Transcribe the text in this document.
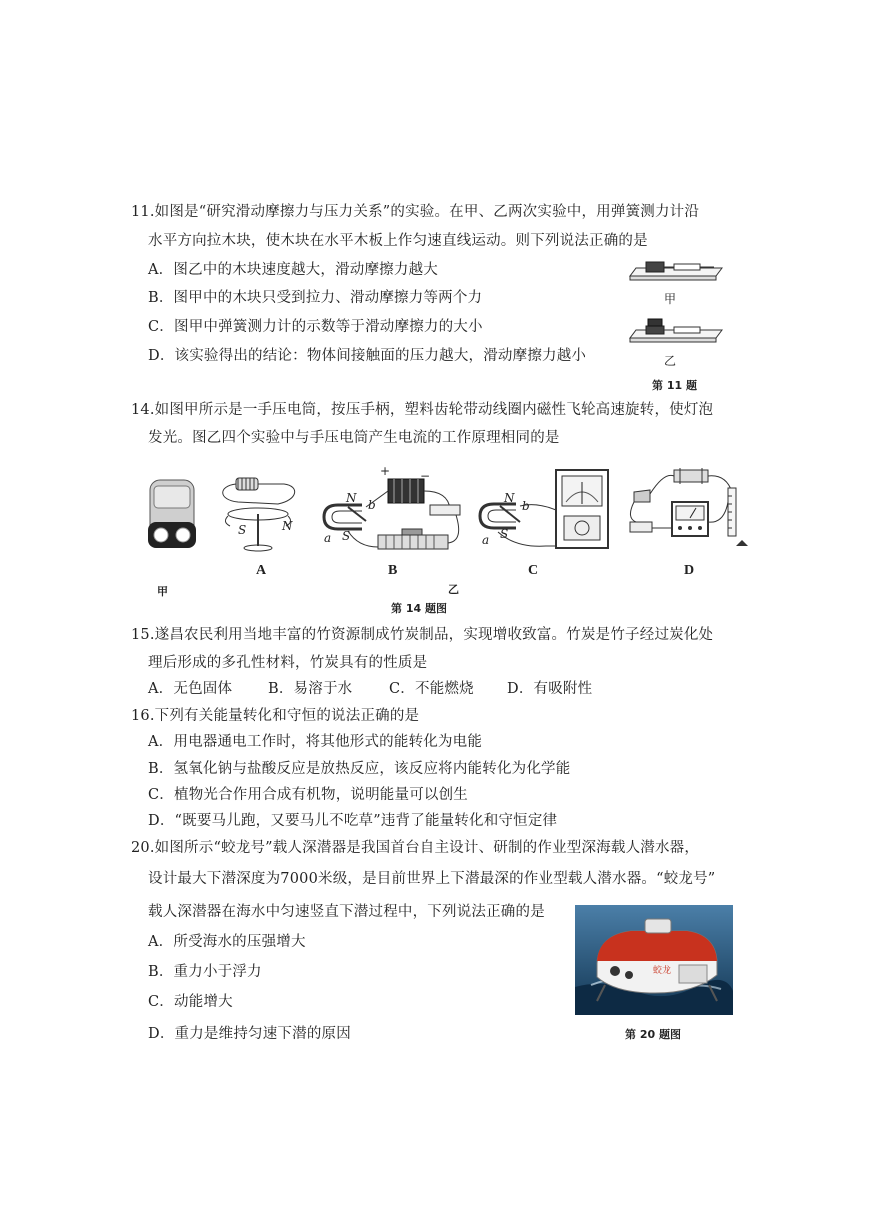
11.如图是“研究滑动摩擦力与压力关系”的实验。在甲、乙两次实验中，用弹簧测力计沿
水平方向拉木块，使木块在水平木板上作匀速直线运动。则下列说法正确的是
A．图乙中的木块速度越大，滑动摩擦力越大
B．图甲中的木块只受到拉力、滑动摩擦力等两个力
C．图甲中弹簧测力计的示数等于滑动摩擦力的大小
D．该实验得出的结论：物体间接触面的压力越大，滑动摩擦力越小
甲
乙
第 11 题
14.如图甲所示是一手压电筒，按压手柄，塑料齿轮带动线圈内磁性飞轮高速旋转，使灯泡
发光。图乙四个实验中与手压电筒产生电流的工作原理相同的是
S	N
+ −
N
S
b
a
N
S
b
a
A	B	C	D
甲	乙
第 14 题图
15.遂昌农民利用当地丰富的竹资源制成竹炭制品，实现增收致富。竹炭是竹子经过炭化处
理后形成的多孔性材料，竹炭具有的性质是
A．无色固体 B．易溶于水	C．不能燃烧 D．有吸附性
16.下列有关能量转化和守恒的说法正确的是
A．用电器通电工作时，将其他形式的能转化为电能
B．氢氧化钠与盐酸反应是放热反应，该反应将内能转化为化学能
C．植物光合作用合成有机物，说明能量可以创生
D．“既要马儿跑，又要马儿不吃草”违背了能量转化和守恒定律
20.如图所示“蛟龙号”载人深潜器是我国首台自主设计、研制的作业型深海载人潜水器，
设计最大下潜深度为7000米级，是目前世界上下潜最深的作业型载人潜水器。“蛟龙号”
载人深潜器在海水中匀速竖直下潜过程中，下列说法正确的是
A．所受海水的压强增大
B．重力小于浮力
C．动能增大
D．重力是维持匀速下潜的原因
蛟龙
第 20 题图
